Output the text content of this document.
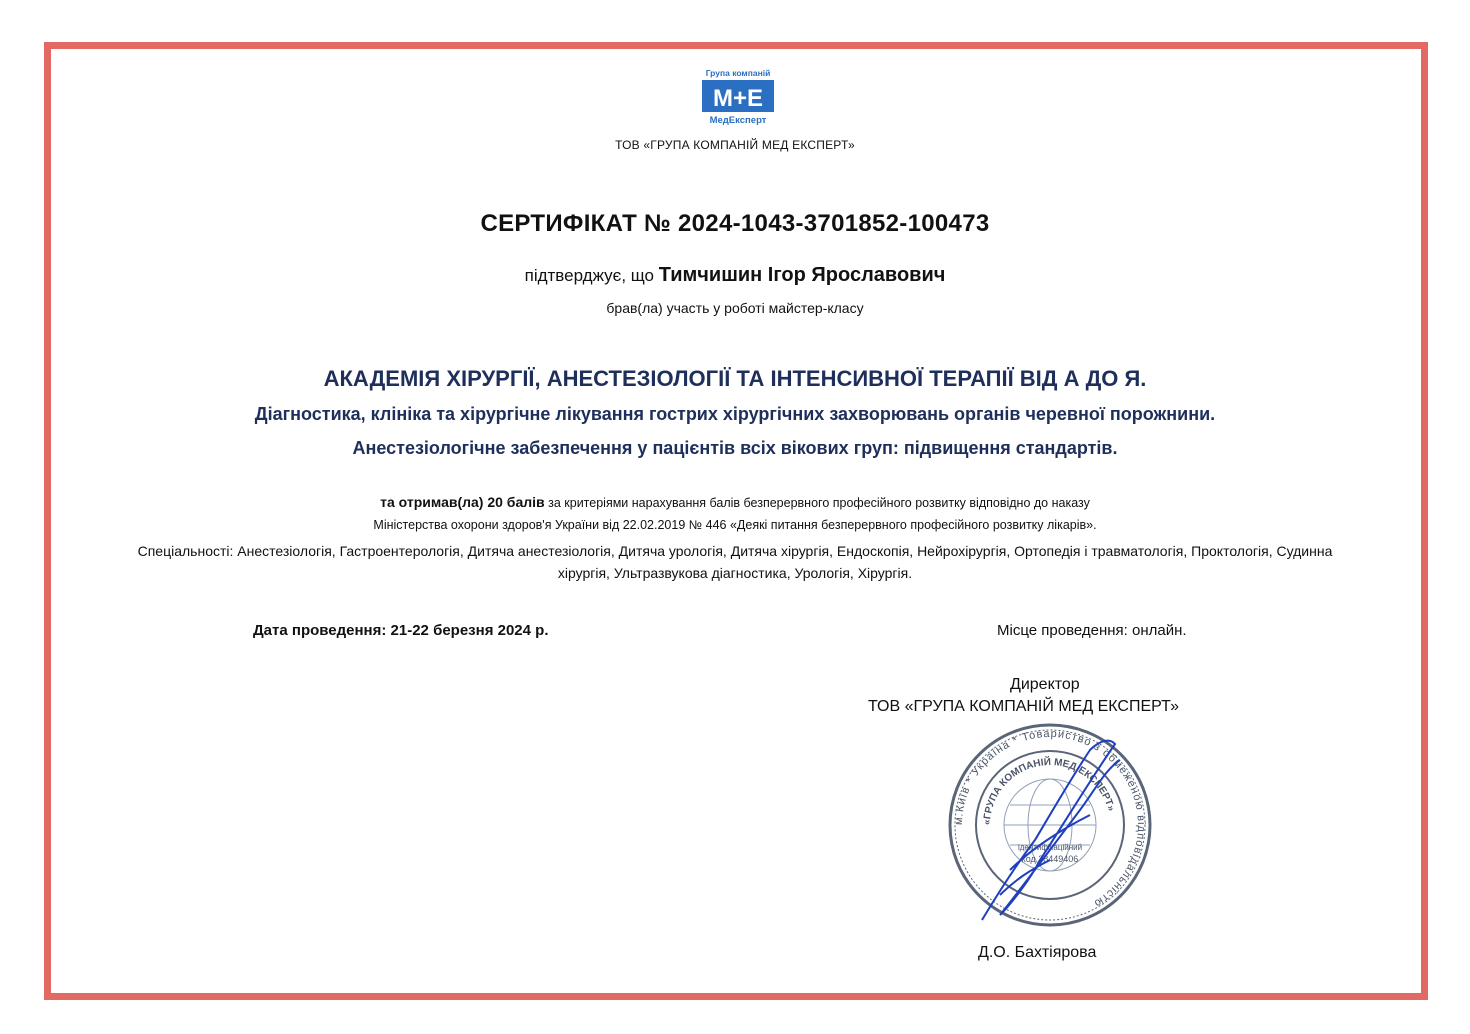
Група компаній
М+Е
МедЕксперт
ТОВ «ГРУПА КОМПАНІЙ МЕД ЕКСПЕРТ»
СЕРТИФІКАТ № 2024-1043-3701852-100473
підтверджує, що Тимчишин Ігор Ярославович
брав(ла) участь у роботі майстер-класу
АКАДЕМІЯ ХІРУРГІЇ, АНЕСТЕЗІОЛОГІЇ ТА ІНТЕНСИВНОЇ ТЕРАПІЇ ВІД А ДО Я.
Діагностика, клініка та хірургічне лікування гострих хірургічних захворювань органів черевної порожнини.
Анестезіологічне забезпечення у пацієнтів всіх вікових груп: підвищення стандартів.
та отримав(ла) 20 балів за критеріями нарахування балів безперервного професійного розвитку відповідно до наказу
Міністерства охорони здоров'я України від 22.02.2019 № 446 «Деякі питання безперервного професійного розвитку лікарів».
Спеціальності: Анестезіологія, Гастроентерологія, Дитяча анестезіологія, Дитяча урологія, Дитяча хірургія, Ендоскопія, Нейрохірургія, Ортопедія і травматологія, Проктологія, Судинна хірургія, Ультразвукова діагностика, Урологія, Хірургія.
Дата проведення: 21-22 березня 2024 р.	Місце проведення: онлайн.
Директор
ТОВ «ГРУПА КОМПАНІЙ МЕД ЕКСПЕРТ»
м.Київ * Україна * Товариство з обмеженою відповідальністю
«ГРУПА КОМПАНІЙ МЕД ЕКСПЕРТ»
ідентифікаційний
код 38449406
Д.О. Бахтіярова
